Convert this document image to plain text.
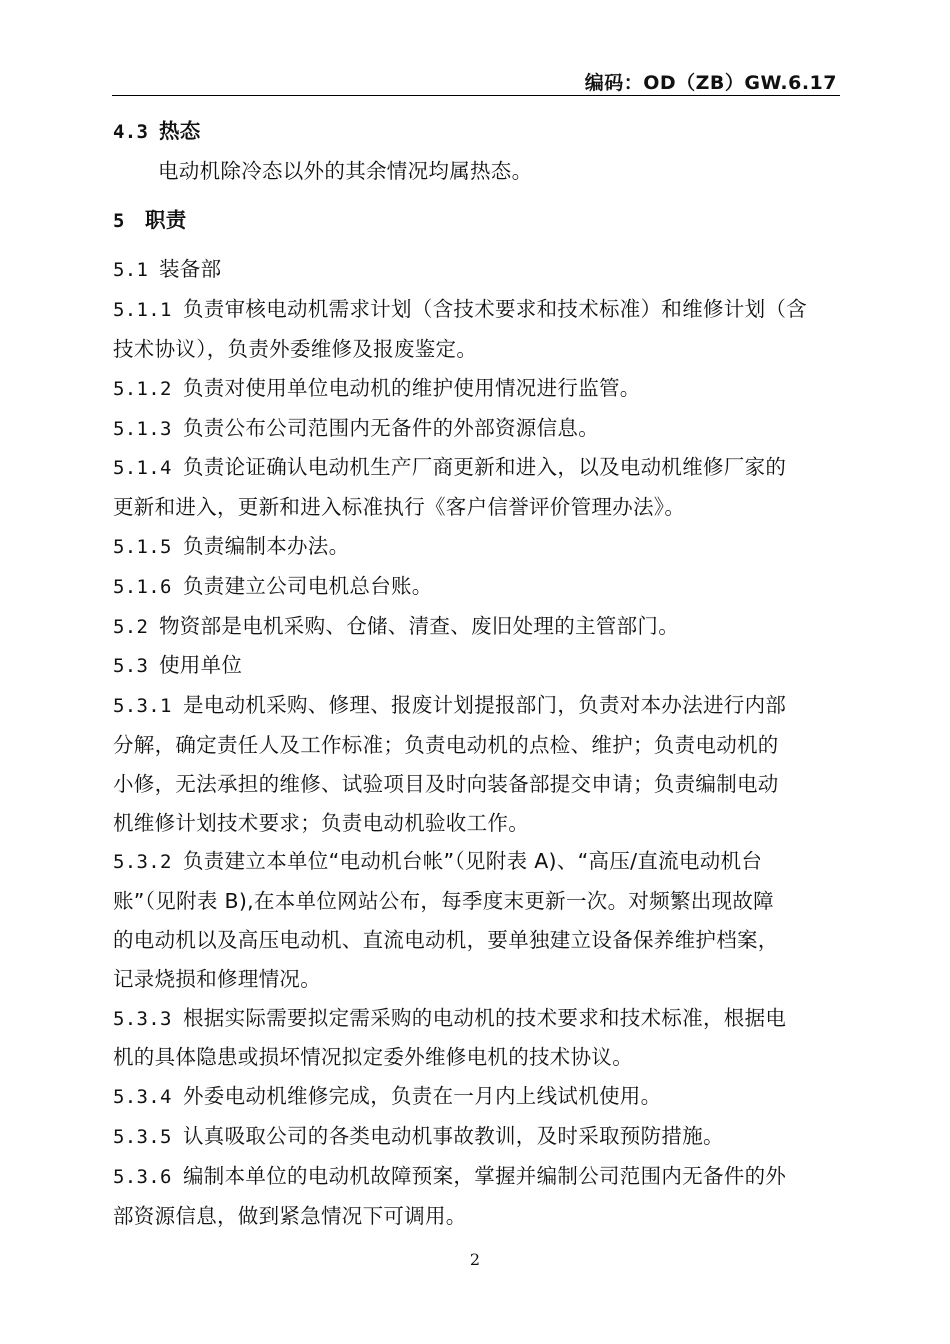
编码：OD（ZB）GW.6.17

4.3 热态

电动机除冷态以外的其余情况均属热态。

5 职责

5.1 装备部

5.1.1 负责审核电动机需求计划（含技术要求和技术标准）和维修计划（含

技术协议），负责外委维修及报废鉴定。

5.1.2 负责对使用单位电动机的维护使用情况进行监管。

5.1.3 负责公布公司范围内无备件的外部资源信息。

5.1.4 负责论证确认电动机生产厂商更新和进入，以及电动机维修厂家的

更新和进入，更新和进入标准执行《客户信誉评价管理办法》。

5.1.5 负责编制本办法。

5.1.6 负责建立公司电机总台账。

5.2 物资部是电机采购、仓储、清查、废旧处理的主管部门。

5.3 使用单位

5.3.1 是电动机采购、修理、报废计划提报部门，负责对本办法进行内部

分解，确定责任人及工作标准；负责电动机的点检、维护；负责电动机的

小修，无法承担的维修、试验项目及时向装备部提交申请；负责编制电动

机维修计划技术要求；负责电动机验收工作。

5.3.2 负责建立本单位“电动机台帐”（见附表 A)、“高压/直流电动机台

账”（见附表 B),在本单位网站公布，每季度末更新一次。对频繁出现故障

的电动机以及高压电动机、直流电动机，要单独建立设备保养维护档案，

记录烧损和修理情况。

5.3.3 根据实际需要拟定需采购的电动机的技术要求和技术标准，根据电

机的具体隐患或损坏情况拟定委外维修电机的技术协议。

5.3.4 外委电动机维修完成，负责在一月内上线试机使用。

5.3.5 认真吸取公司的各类电动机事故教训，及时采取预防措施。

5.3.6 编制本单位的电动机故障预案，掌握并编制公司范围内无备件的外

部资源信息，做到紧急情况下可调用。

2
